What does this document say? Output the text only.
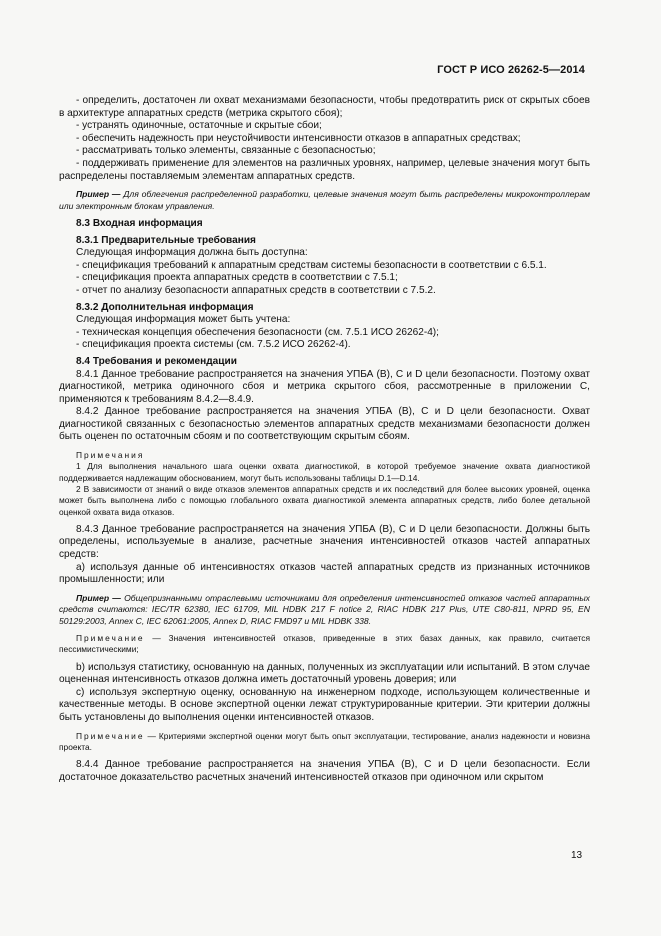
ГОСТ Р ИСО 26262-5—2014

- определить, достаточен ли охват механизмами безопасности, чтобы предотвратить риск от скрытых сбоев в архитектуре аппаратных средств (метрика скрытого сбоя);

- устранять одиночные, остаточные и скрытые сбои;

- обеспечить надежность при неустойчивости интенсивности отказов в аппаратных средствах;

- рассматривать только элементы, связанные с безопасностью;

- поддерживать применение для элементов на различных уровнях, например, целевые значения могут быть распределены поставляемым элементам аппаратных средств.

Пример — Для облегчения распределенной разработки, целевые значения могут быть распределены микроконтроллерам или электронным блокам управления.

8.3 Входная информация

8.3.1 Предварительные требования

Следующая информация должна быть доступна:

- спецификация требований к аппаратным средствам системы безопасности в соответствии с 6.5.1.

- спецификация проекта аппаратных средств в соответствии с 7.5.1;

- отчет по анализу безопасности аппаратных средств в соответствии с 7.5.2.

8.3.2 Дополнительная информация

Следующая информация может быть учтена:

- техническая концепция обеспечения безопасности (см. 7.5.1 ИСО 26262-4);

- спецификация проекта системы (см. 7.5.2 ИСО 26262-4).

8.4 Требования и рекомендации

8.4.1 Данное требование распространяется на значения УПБА (B), C и D цели безопасности. Поэтому охват диагностикой, метрика одиночного сбоя и метрика скрытого сбоя, рассмотренные в приложении С, применяются к требованиям 8.4.2—8.4.9.

8.4.2 Данное требование распространяется на значения УПБА (B), C и D цели безопасности. Охват диагностикой связанных с безопасностью элементов аппаратных средств механизмами безопасности должен быть оценен по остаточным сбоям и по соответствующим скрытым сбоям.

Примечания

1 Для выполнения начального шага оценки охвата диагностикой, в которой требуемое значение охвата диагностикой поддерживается надлежащим обоснованием, могут быть использованы таблицы D.1—D.14.

2 В зависимости от знаний о виде отказов элементов аппаратных средств и их последствий для более высоких уровней, оценка может быть выполнена либо с помощью глобального охвата диагностикой элемента аппаратных средств, либо более детальной оценкой охвата вида отказов.

8.4.3 Данное требование распространяется на значения УПБА (B), C и D цели безопасности. Должны быть определены, используемые в анализе, расчетные значения интенсивностей отказов частей аппаратных средств:

а) используя данные об интенсивностях отказов частей аппаратных средств из признанных источников промышленности; или

Пример — Общепризнанными отраслевыми источниками для определения интенсивностей отказов частей аппаратных средств считаются: IEC/TR 62380, IEC 61709, MIL HDBK 217 F notice 2, RIAC HDBK 217 Plus, UTE C80-811, NPRD 95, EN 50129:2003, Annex C, IEC 62061:2005, Annex D, RIAC FMD97 и MIL HDBK 338.

Примечание — Значения интенсивностей отказов, приведенные в этих базах данных, как правило, считается пессимистическими;

b) используя статистику, основанную на данных, полученных из эксплуатации или испытаний. В этом случае оцененная интенсивность отказов должна иметь достаточный уровень доверия; или

с) используя экспертную оценку, основанную на инженерном подходе, использующем количественные и качественные методы. В основе экспертной оценки лежат структурированные критерии. Эти критерии должны быть установлены до выполнения оценки интенсивностей отказов.

Примечание — Критериями экспертной оценки могут быть опыт эксплуатации, тестирование, анализ надежности и новизна проекта.

8.4.4 Данное требование распространяется на значения УПБА (B), C и D цели безопасности. Если достаточное доказательство расчетных значений интенсивностей отказов при одиночном или скрытом

13
